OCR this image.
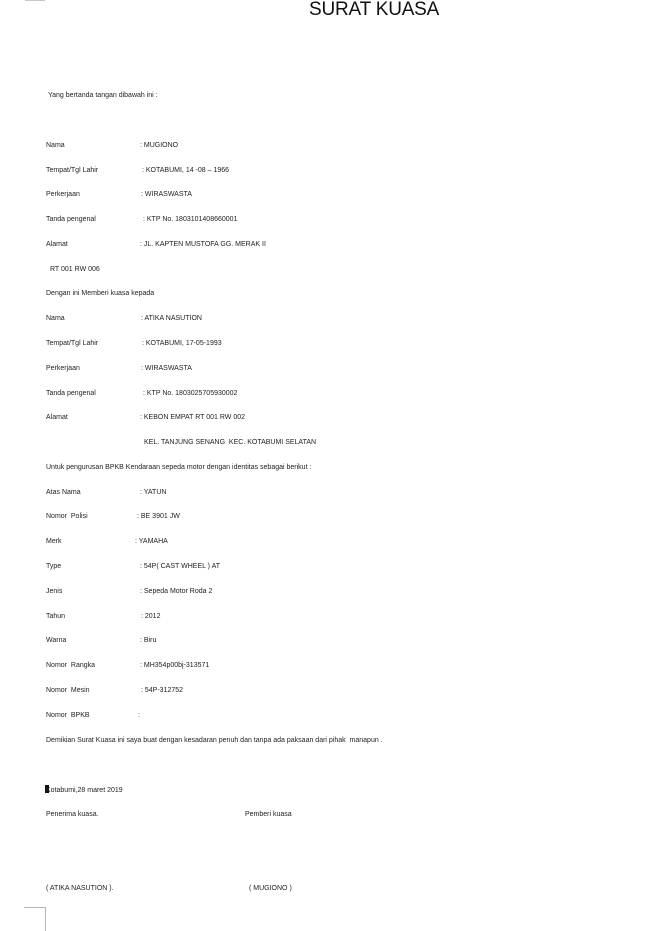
SURAT KUASA
Yang bertanda tangan dibawah ini :
Nama	: MUGIONO
Tempat/Tgl Lahir	: KOTABUMI, 14 -08 – 1966
Perkerjaan	: WIRASWASTA
Tanda pengenal	: KTP No. 1803101408660001
Alamat	: JL. KAPTEN MUSTOFA GG. MERAK II
RT 001 RW 006
Dengan ini Memberi kuasa kepada
Nama	: ATIKA NASUTION
Tempat/Tgl Lahir	: KOTABUMI, 17-05-1993
Perkerjaan	: WIRASWASTA
Tanda pengenal	: KTP No. 1803025705930002
Alamat	: KEBON EMPAT RT 001 RW 002
KEL. TANJUNG SENANG  KEC. KOTABUMI SELATAN
Untuk pengurusan BPKB Kendaraan sepeda motor dengan identitas sebagai berikut :
Atas Nama	: YATUN
Nomor  Polisi	: BE 3901 JW
Merk	: YAMAHA
Type	: 54P( CAST WHEEL ) AT
Jenis	: Sepeda Motor Roda 2
Tahun	: 2012
Warna	: Biru
Nomor  Rangka	: MH354p00bj-313571
Nomor  Mesin	: 54P-312752
Nomor  BPKB	:
Demikian Surat Kuasa ini saya buat dengan kesadaran penuh dan tanpa ada paksaan dari pihak  manapun .
Kotabumi,28 maret 2019
Penerima kuasa.	Pemberi kuasa
( ATIKA NASUTION ).	( MUGIONO )
